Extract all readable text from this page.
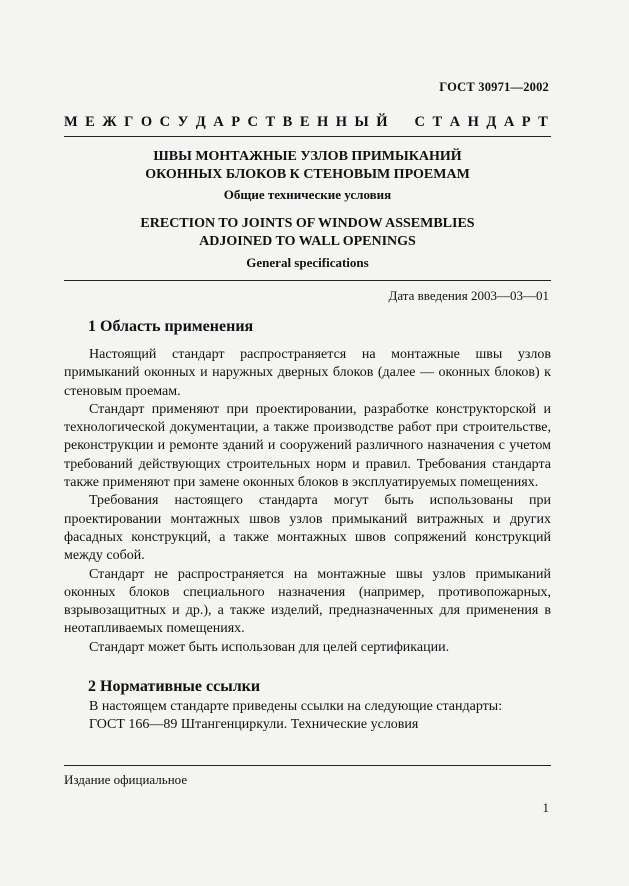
ГОСТ 30971—2002
М Е Ж Г О С У Д А Р С Т В Е Н Н Ы Й С Т А Н Д А Р Т
ШВЫ МОНТАЖНЫЕ УЗЛОВ ПРИМЫКАНИЙ
ОКОННЫХ БЛОКОВ К СТЕНОВЫМ ПРОЕМАМ
Общие технические условия
ERECTION TO JOINTS OF WINDOW ASSEMBLIES
ADJOINED TO WALL OPENINGS
General specifications
Дата введения 2003—03—01
1 Область применения

Настоящий стандарт распространяется на монтажные швы узлов примыканий оконных и наружных дверных блоков (далее — оконных блоков) к стеновым проемам.

Стандарт применяют при проектировании, разработке конструкторской и технологической документации, а также производстве работ при строительстве, реконструкции и ремонте зданий и сооружений различного назначения с учетом требований действующих строительных норм и правил. Требования стандарта также применяют при замене оконных блоков в эксплуатируемых помещениях.

Требования настоящего стандарта могут быть использованы при проектировании монтажных швов узлов примыканий витражных и других фасадных конструкций, а также монтажных швов сопряжений конструкций между собой.

Стандарт не распространяется на монтажные швы узлов примыканий оконных блоков специального назначения (например, противопожарных, взрывозащитных и др.), а также изделий, предназначенных для применения в неотапливаемых помещениях.

Стандарт может быть использован для целей сертификации.

2 Нормативные ссылки

В настоящем стандарте приведены ссылки на следующие стандарты:

ГОСТ 166—89 Штангенциркули. Технические условия

Издание официальное
1
